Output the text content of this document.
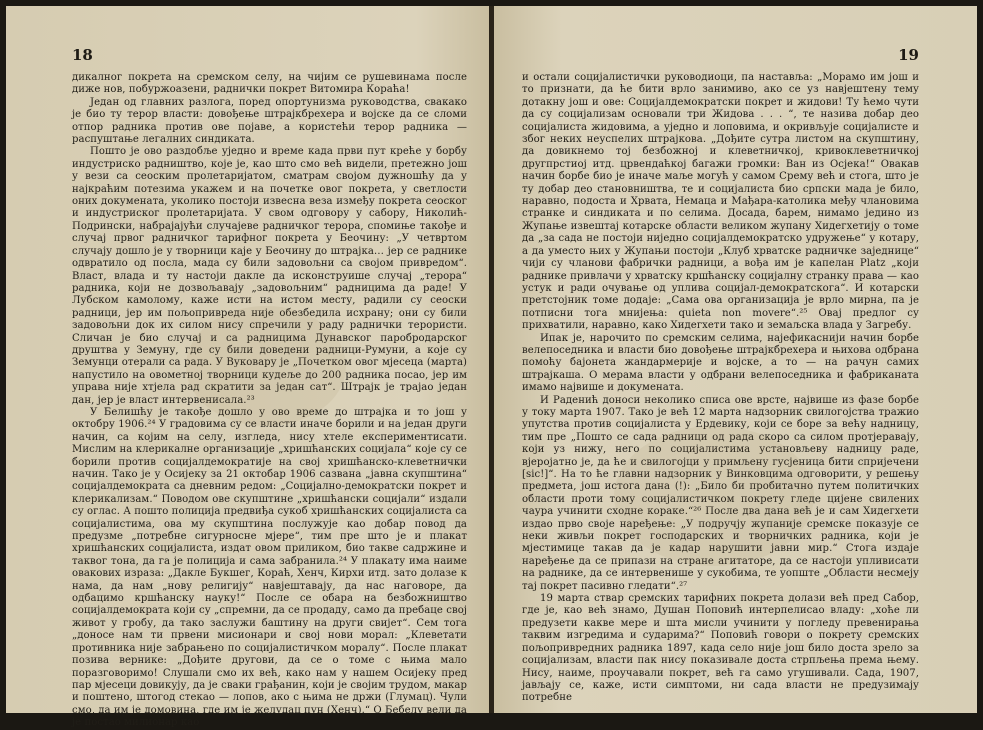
18

дикалног покрета на сремском селу, на чијим се рушевинама после диже нов, побуржоазени, раднички покрет Витомира Кораћа!

Један од главних разлога, поред опортунизма руководства, свакако је био ту терор власти: довођење штрајкбрехера и војске да се сломи отпор радника против ове појаве, а користећи терор радника — распуштање легалних синдиката.

Пошто је ово раздобље уједно и време када први пут креће у борбу индустриско радништво, које је, као што смо већ видели, претежно још у вези са сеоским пролетаријатом, сматрам својом дужношћу да у најкраћим потезима укажем и на почетке овог покрета, у светлости оних докумената, уколико постоји извесна веза између покрета сеоског и индустриског пролетаријата. У свом одговору у сабору, Николић-Подрински, набрајајући случајеве радничког терора, спомиње такође и случај првог радничког тарифног покрета у Беочину: „У четвртом случају дошло је у творници каје у Беочину до штрајка… јер се раднике одвратило од посла, мада су били задовољни са својом привредом“. Власт, влада и ту настоји дакле да исконструише случај „терора“ радника, који не дозвољавају „задовољним“ радницима да раде! У Лубском камолому, каже исти на истом месту, радили су сеоски радници, јер им пољопривреда није обезбедила исхрану; они су били задовољни док их силом нису спречили у раду раднички терористи. Сличан је био случај и са радницима Дунавског паробродарског друштва у Земуну, где су били доведени радници-Румуни, а које су Земунци отерали са рада. У Вуковару је „Почетком овог мјесеца (марта) напустило на овометној творници кудеље до 200 радника посао, јер им управа није хтјела рад скратити за један сат“. Штрајк је трајао један дан, јер је власт интервенисала.²³

У Белишћу је такође дошло у ово време до штрајка и то још у октобру 1906.²⁴ У градовима су се власти иначе борили и на један други начин, са којим на селу, изгледа, нису хтеле експериментисати. Мислим на клерикалне организације „хришћанских социјала“ које су се борили против социјалдемократије на свој хришћанско-клеветнички начин. Тако је у Осијеку за 21 октобар 1906 сазвана „јавна скупштина“ социјалдемократа са дневним редом: „Социјално-демократски покрет и клерикализам.“ Поводом ове скупштине „хришћански социјали“ издали су оглас. А пошто полиција предвиђа сукоб хришћанских социјалиста са социјалистима, ова му скупштина послужује као добар повод да предузме „потребне сигурносне мјере“, тим пре што је и плакат хришћанских социјалиста, издат овом приликом, био такве садржине и таквог тона, да га је полиција и сама забранила.²⁴ У плакату има наиме овакових израза: „Дакле Букшег, Кораћ, Хенч, Кирхи итд. зато долазе к нама, да нам „нову религију“ навјештавају, да нас наговоре, да одбацимо кршћанску науку!“ После се обара на безбожништво социјалдемократа који су „спремни, да се продаду, само да пребаце свој живот у гробу, да тако заслужи баштину на други свијет“. Сем тога „доносе нам ти првени мисионари и свој нови морал: „Клеветати противника није забрањено по социјалистичком моралу“. После плакат позива вернике: „Дођите другови, да се о томе с њима мало поразговоримо! Слушали смо их већ, како нам у нашем Осијеку пред пар мјесеци довикују, да је сваки грађанин, који је својим трудом, макар и поштено, штогод стекао — лопов, ако с њима не држи (Глумац). Чули смо, да им је домовина, где им је желудац пун (Хенч).“ О Бебелу вели да је постао милионар као

19

и остали социјалистички руководиоци, па наставља: „Морамо им још и то признати, да ће бити врло занимиво, ако се уз навјештену тему дотакну још и ове: Социјалдемократски покрет и жидови! Ту ћемо чути да су социјализам основали три Жидова . . . “, те назива добар део социјалиста жидовима, а уједно и лоповима, и окривљује социјалисте и због неких неуспелих штрајкова. „Дођите сутра листом на скупштину, да довикнемо тој безбожној и клеветничкој, кривоклеветничкој другпрстиој итд. црвендаћкој багажи громки: Ван из Осјека!“ Овакав начин борбе био је иначе маље могућ у самом Срему већ и стога, што је ту добар део становништва, те и социјалиста био српски мада је било, наравно, подоста и Хрвата, Немаца и Мађара-католика међу члановима странке и синдиката и по селима. Досада, барем, нимамо једино из Жупање извештај котарске области великом жупану Хидегхетију о томе да „за сада не постоји ниједно социјалдемократско удружење“ у котару, а да уместо њих у Жупањи постоји „Клуб хрватске радничке заједнице“ чији су чланови фабрички радници, а вођа им је капелан Platz „који раднике привлачи у хрватску кршћанску социјалну странку права — као устук и ради очување од уплива социјал-демократскога“. И котарски претстојник томе додаје: „Сама ова организација је врло мирна, па је потписни тога мнијења: quieta non movere“.²⁵ Овај предлог су прихватили, наравно, како Хидегхети тако и земаљска влада у Загребу.

Ипак је, нарочито по сремским селима, најефикаснији начин борбе велепоседника и власти био довођење штрајкбрехера и њихова одбрана помоћу бајонета жандармерије и војске, а то — на рачун самих штрајкаша. О мерама власти у одбрани велепоседника и фабриканата имамо највише и докумената.

И Раденић доноси неколико списа ове врсте, највише из фазе борбе у току марта 1907. Тако је већ 12 марта надзорник свилогојства тражио упутства против социјалиста у Ердевику, који се боре за већу надницу, тим пре „Пошто се сада радници од рада скоро са силом протјеравају, који уз нижу, него по социјалистима установљеву надницу раде, вјеројатно је, да ће и свилогојци у примљену гусјеница бити спријечени [sic!]“. На то ће главни надзорник у Винковцима одговорити, у решењу предмета, још истога дана (!): „Било би пробитачно путем политичких области проти тому социјалистичком покрету гледе цијене свилених чаура учинити сходне кораке.“²⁶ После два дана већ је и сам Хидегхети издао прво своје наређење: „У подручју жупаније сремске показује се неки живљи покрет господарских и творничких радника, који је мјестимице такав да је кадар нарушити јавни мир.“ Стога издаје наређење да се припази на стране агитаторе, да се настоји упливисати на раднике, да се интервенише у сукобима, те уопште „Области несмеју тај покрет пасивно гледати“.²⁷

19 марта ствар сремских тарифних покрета долази већ пред Сабор, где је, као већ знамо, Душан Поповић интерпелисао владу: „хоће ли предузети какве мере и шта мисли учинити у погледу превенирања таквим изгредима и сударима?“ Поповић говори о покрету сремских пољопривредних радника 1897, када село није још било доста зрело за социјализам, власти пак нису показивале доста стрпљења према њему. Нису, наиме, проучавали покрет, већ га само угушивали. Сада, 1907, јављају се, каже, исти симптоми, ни сада власти не предузимају потребне
